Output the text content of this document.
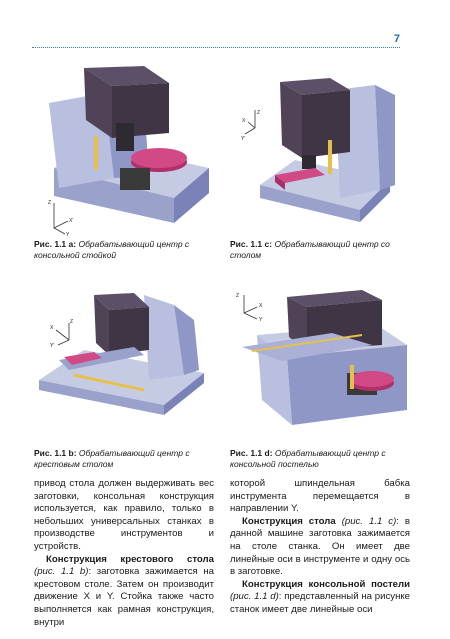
7
Z
X'
Y
Рис. 1.1 а: Обрабатывающий центр с консольной стойкой
Z
X
Y'
Рис. 1.1 c: Обрабатывающий центр со столом
Z
X
Y'
Рис. 1.1 b: Обрабатывающий центр с крестовым столом
Z
X
Y
Рис. 1.1 d: Обрабатывающий центр с консольной постелью

привод стола должен выдерживать вес заготовки, консольная конструкция используется, как правило, только в небольших универсальных станках в производстве инструментов и устройств.

Конструкция крестового стола (рис. 1.1 b): заготовка зажимается на крестовом столе. Затем он производит движение X и Y. Стойка также часто выполняется как рамная конструкция, внутри

которой шпиндельная бабка инструмента перемещается в направлении Y.

Конструкция стола (рис. 1.1 с): в данной машине заготовка зажимается на столе станка. Он имеет две линейные оси в инструменте и одну ось в заготовке.

Конструкция консольной постели (рис. 1.1 d): представленный на рисунке станок имеет две линейные оси
